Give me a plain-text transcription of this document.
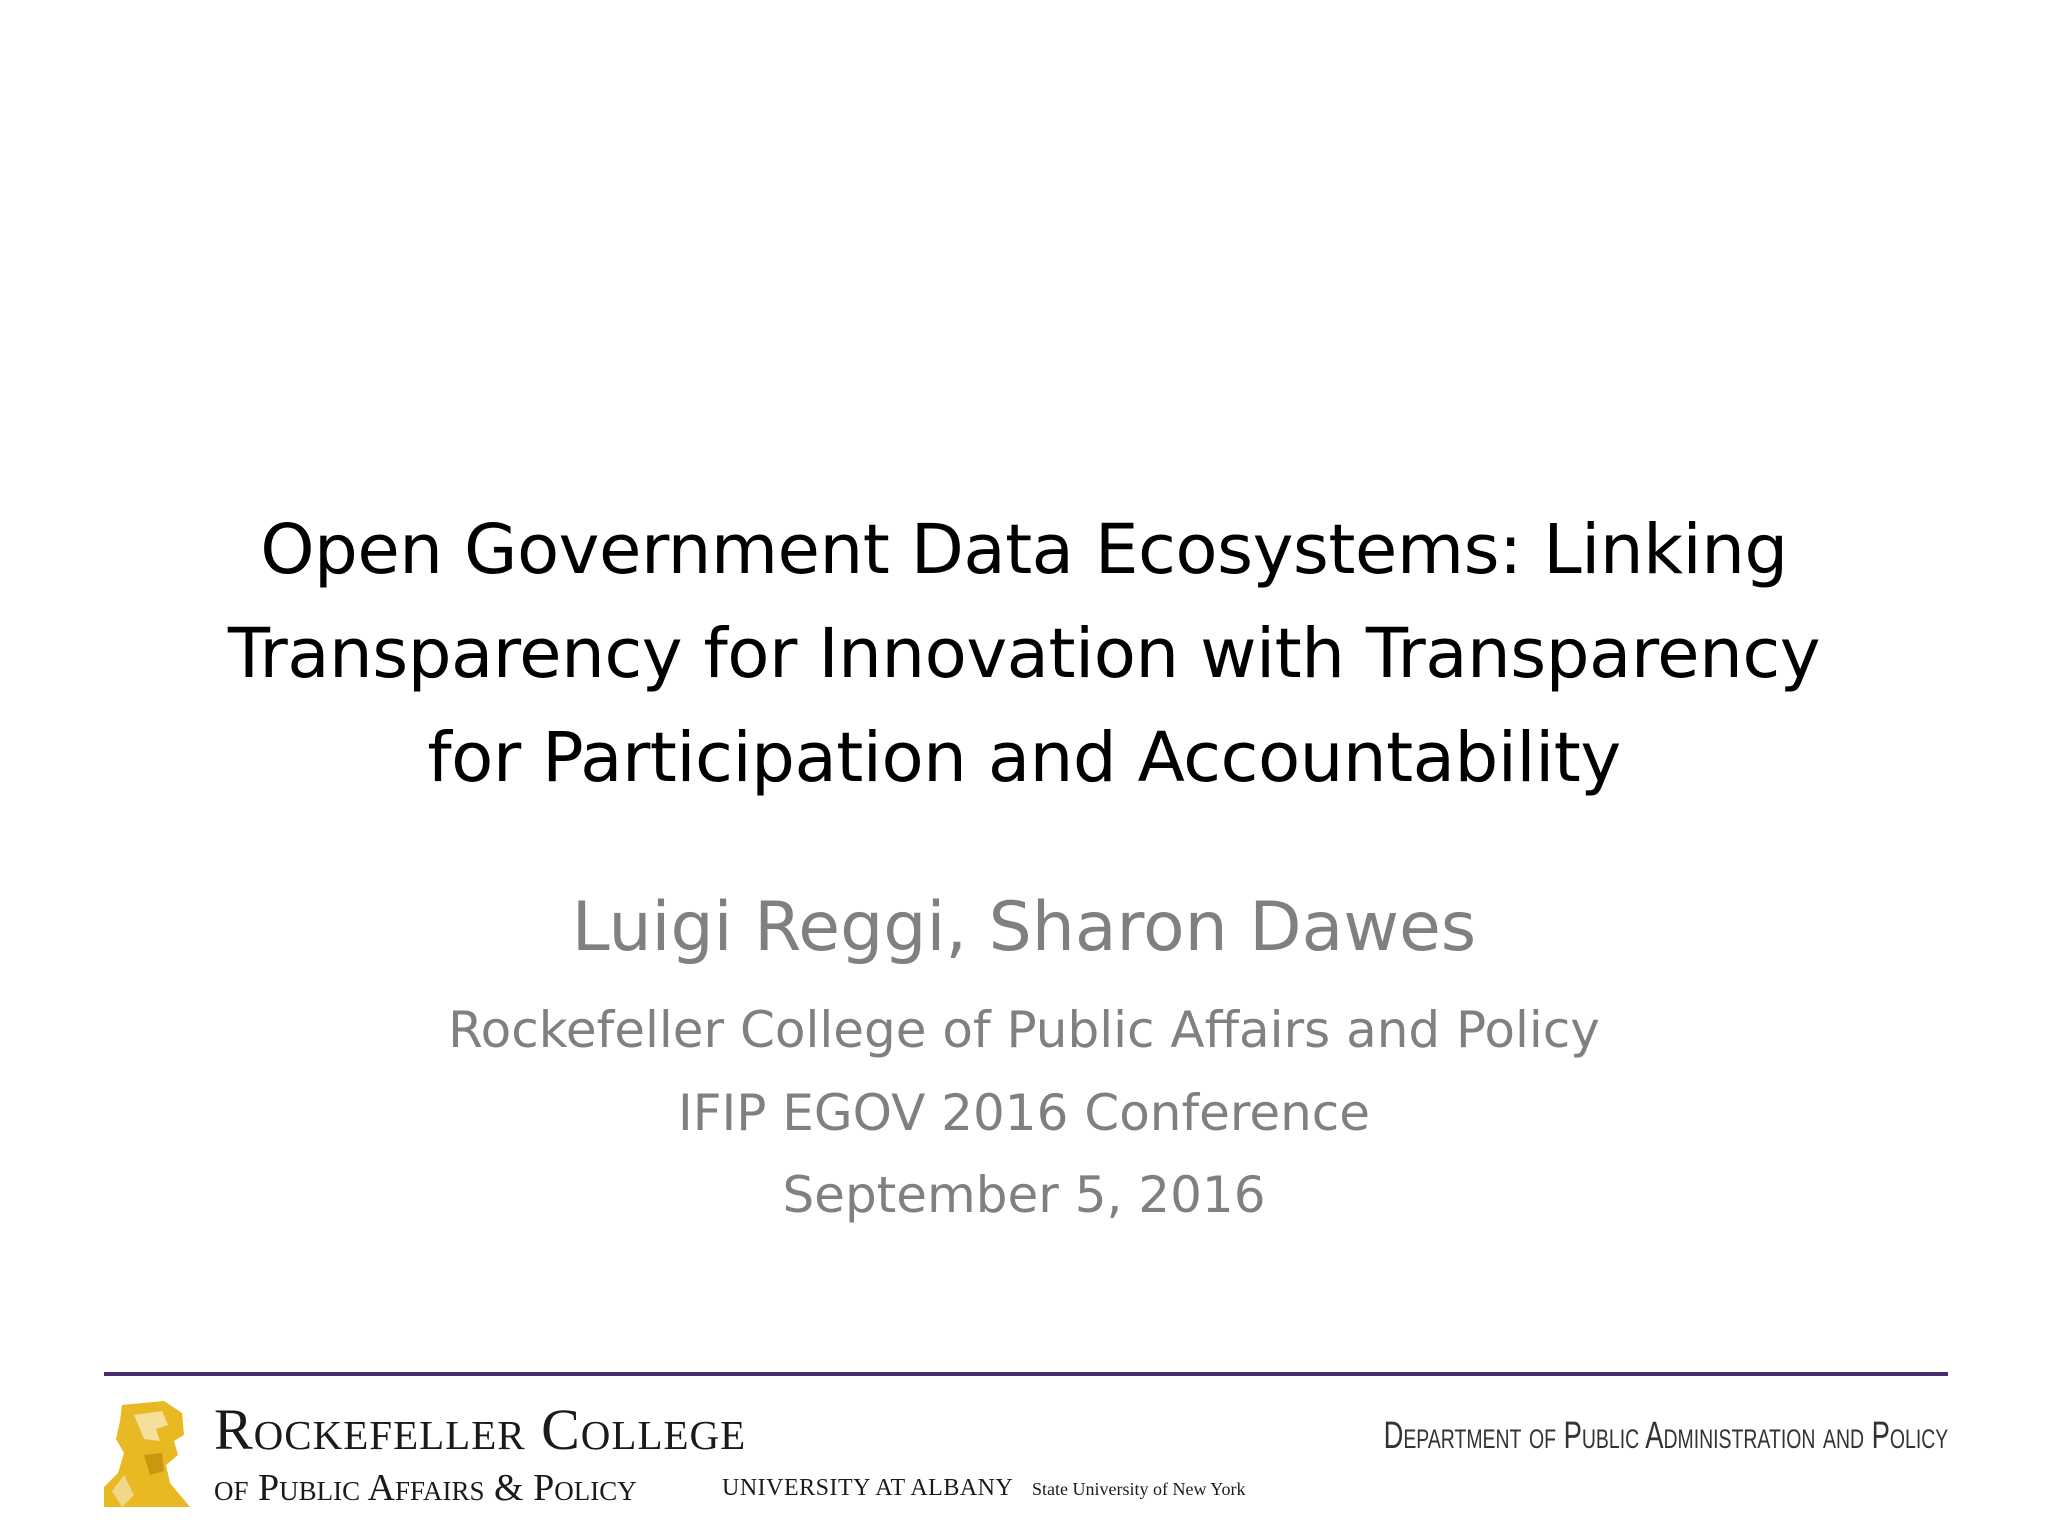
Open Government Data Ecosystems: Linking
Transparency for Innovation with Transparency
for Participation and Accountability
Luigi Reggi, Sharon Dawes
Rockefeller College of Public Affairs and Policy
IFIP EGOV 2016 Conference
September 5, 2016
Rockefeller College
of Public Affairs & Policy	UNIVERSITY AT ALBANY State University of New York
Department of Public Administration and Policy
